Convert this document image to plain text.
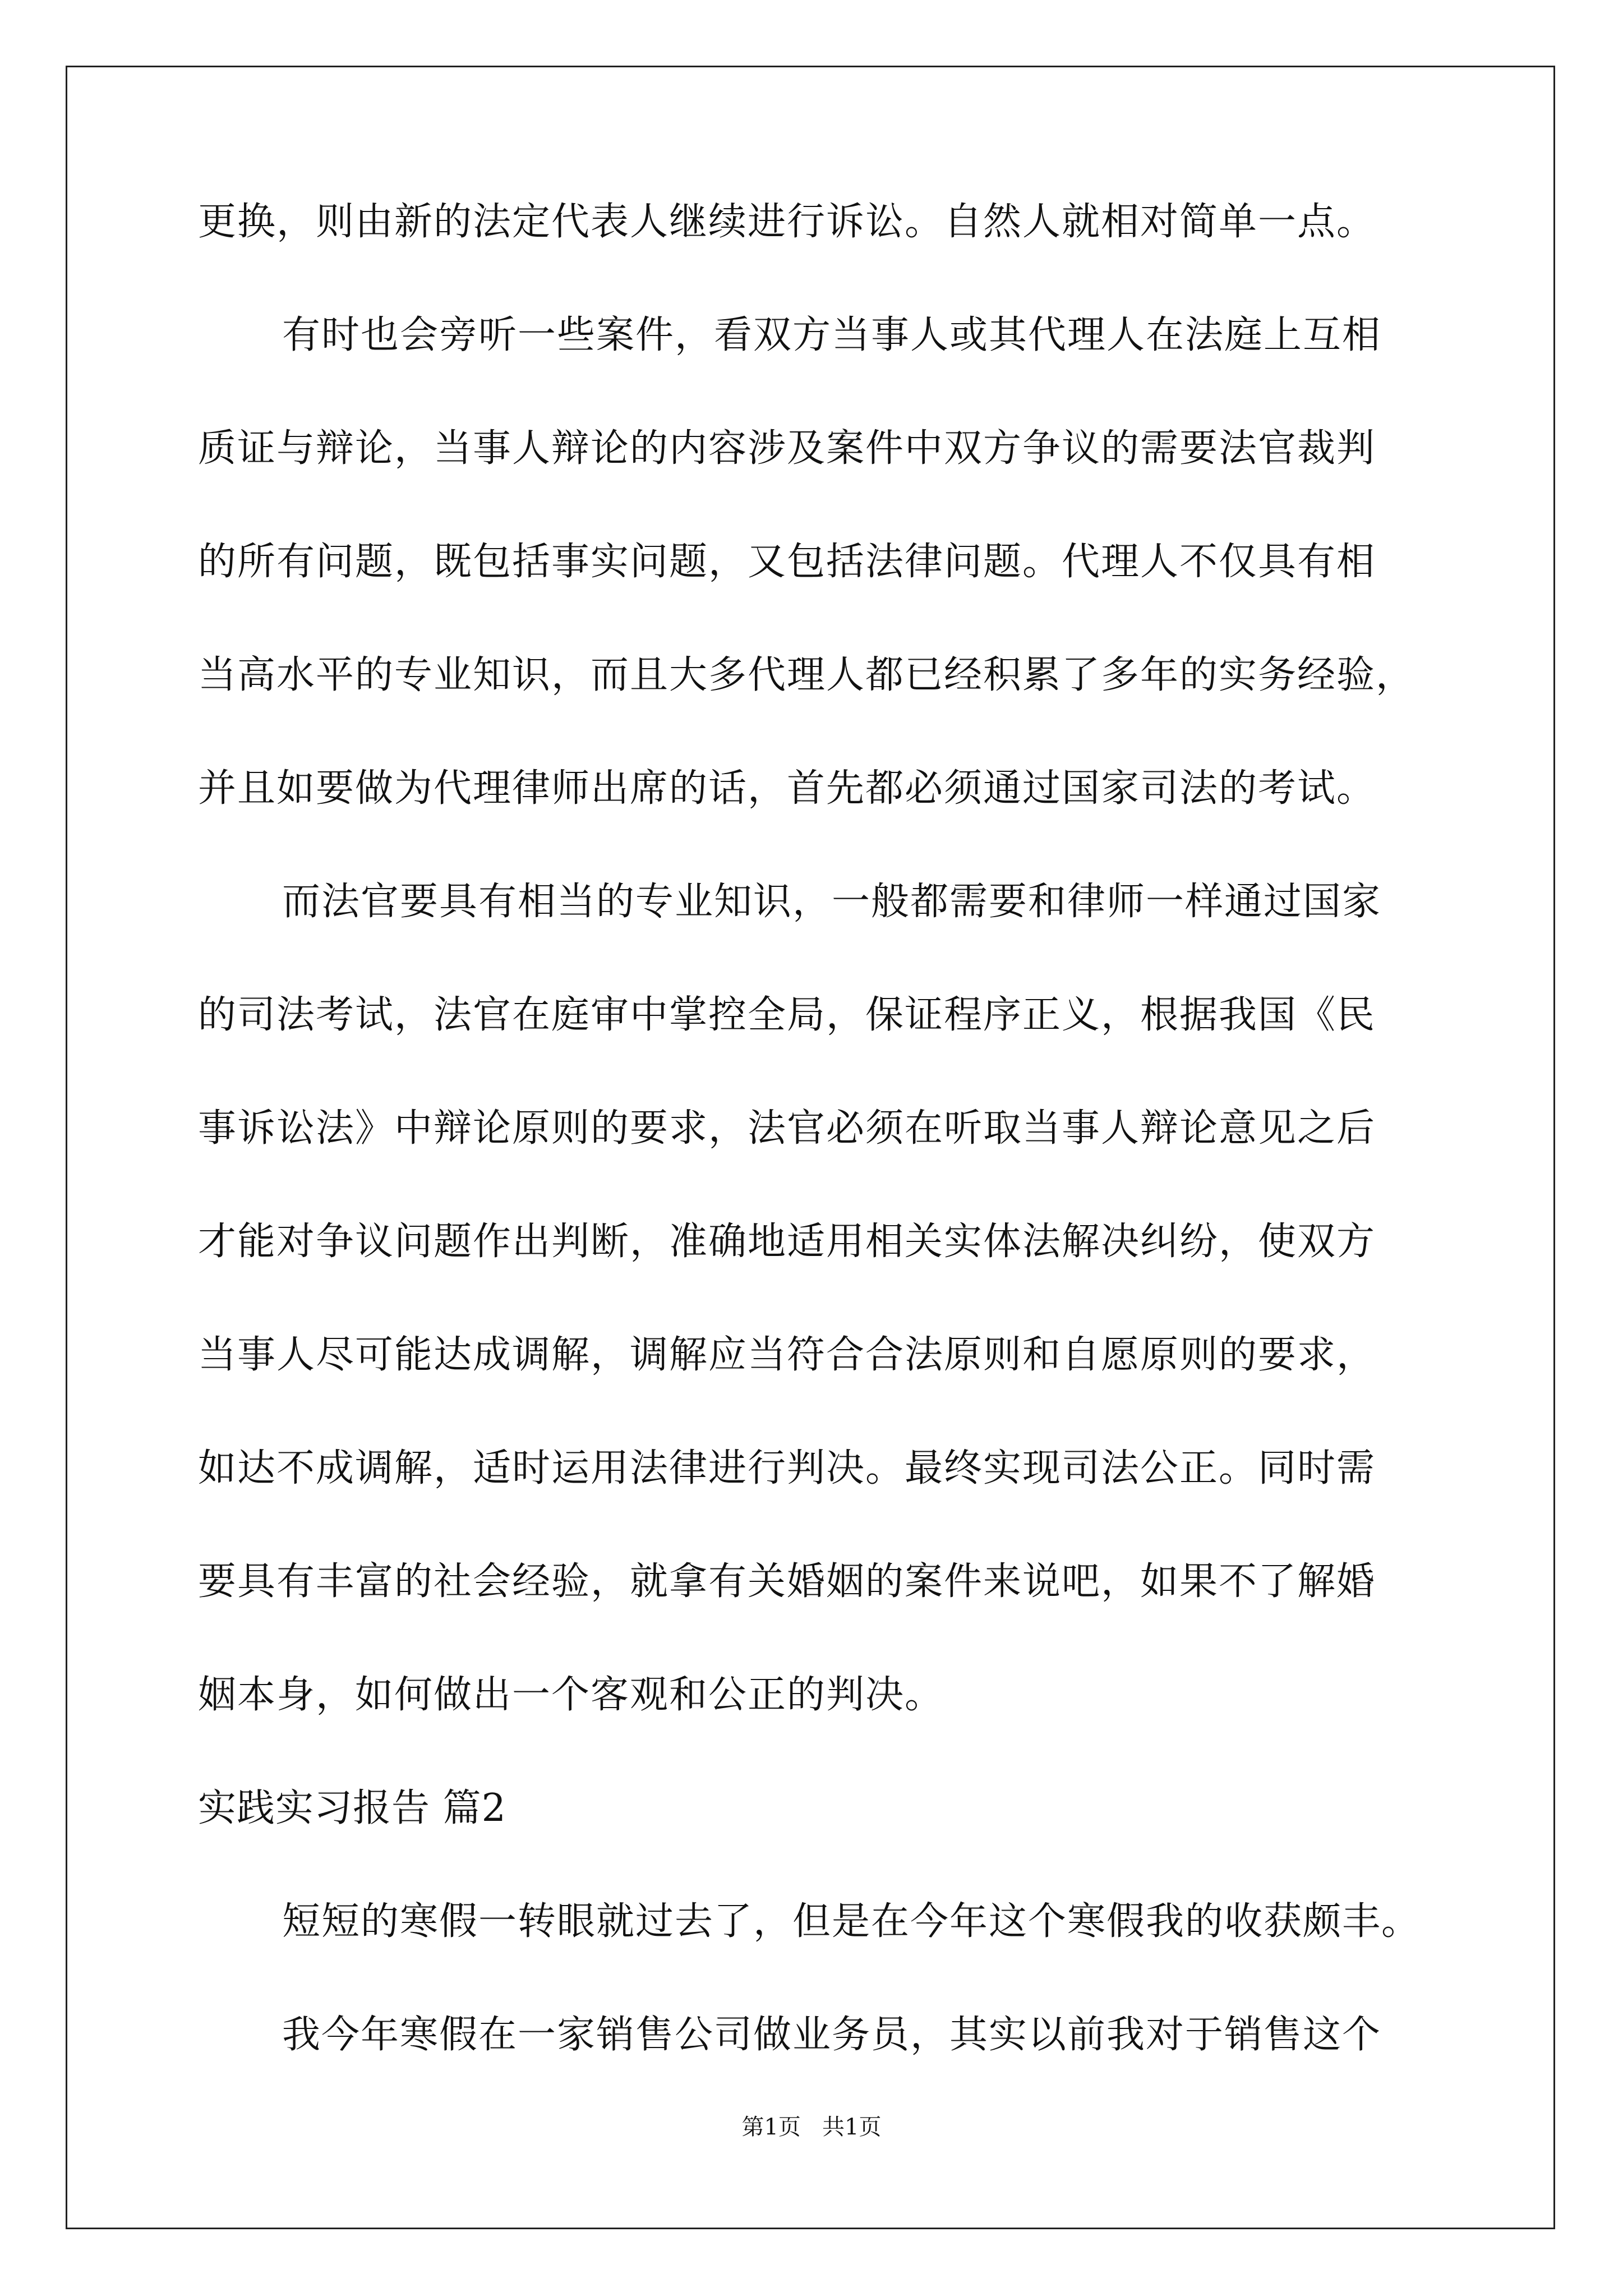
更换，则由新的法定代表人继续进行诉讼。自然人就相对简单一点。
有时也会旁听一些案件，看双方当事人或其代理人在法庭上互相
质证与辩论，当事人辩论的内容涉及案件中双方争议的需要法官裁判
的所有问题，既包括事实问题，又包括法律问题。代理人不仅具有相
当高水平的专业知识，而且大多代理人都已经积累了多年的实务经验，
并且如要做为代理律师出席的话，首先都必须通过国家司法的考试。
而法官要具有相当的专业知识，一般都需要和律师一样通过国家
的司法考试，法官在庭审中掌控全局，保证程序正义，根据我国《民
事诉讼法》中辩论原则的要求，法官必须在听取当事人辩论意见之后
才能对争议问题作出判断，准确地适用相关实体法解决纠纷，使双方
当事人尽可能达成调解，调解应当符合合法原则和自愿原则的要求，
如达不成调解，适时运用法律进行判决。最终实现司法公正。同时需
要具有丰富的社会经验，就拿有关婚姻的案件来说吧，如果不了解婚
姻本身，如何做出一个客观和公正的判决。
实践实习报告 篇2
短短的寒假一转眼就过去了，但是在今年这个寒假我的收获颇丰。
我今年寒假在一家销售公司做业务员，其实以前我对于销售这个
第1页   共1页
